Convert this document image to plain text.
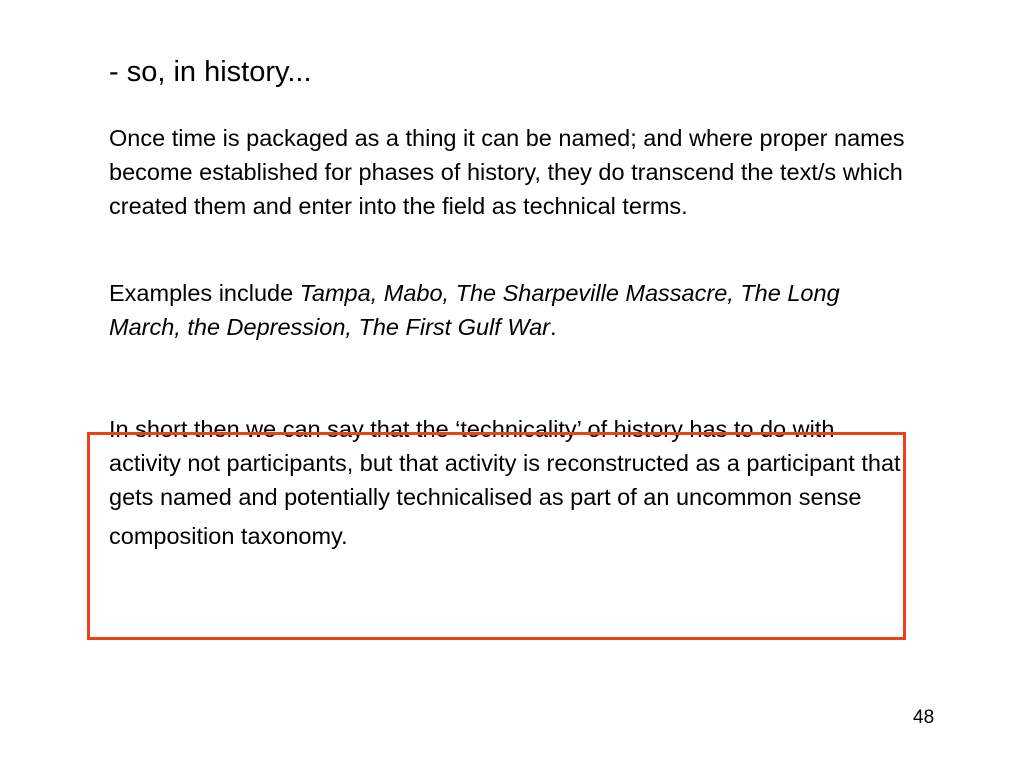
- so, in history...

Once time is packaged as a thing it can be named; and where proper names become established for phases of history, they do transcend the text/s which created them and enter into the field as technical terms.

Examples include Tampa, Mabo, The Sharpeville Massacre, The Long March, the Depression, The First Gulf War.

In short then we can say that the ‘technicality’ of history has to do with activity not participants, but that activity is reconstructed as a participant that gets named and potentially technicalised as part of an uncommon sense
composition taxonomy.

48
